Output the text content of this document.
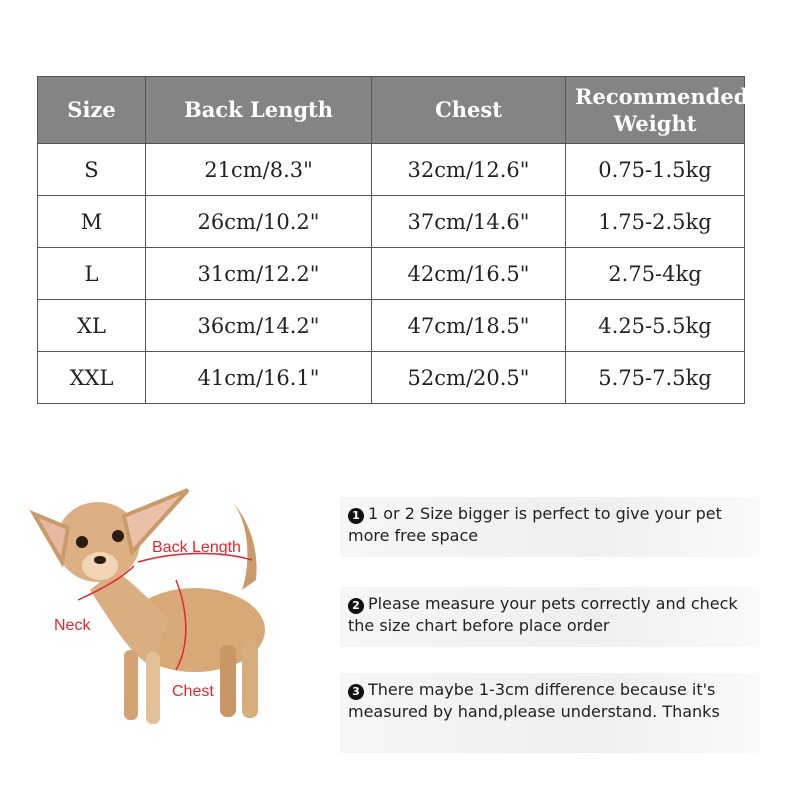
Size	Back Length	Chest	Recommended Weight
S	21cm/8.3"	32cm/12.6"	0.75-1.5kg
M	26cm/10.2"	37cm/14.6"	1.75-2.5kg
L	31cm/12.2"	42cm/16.5"	2.75-4kg
XL	36cm/14.2"	47cm/18.5"	4.25-5.5kg
XXL	41cm/16.1"	52cm/20.5"	5.75-7.5kg
Back Length
Neck
Chest
1 1 or 2 Size bigger is perfect to give your pet more free space
2 Please measure your pets correctly and check the size chart before place order
3 There maybe 1-3cm difference because it's measured by hand,please understand. Thanks
